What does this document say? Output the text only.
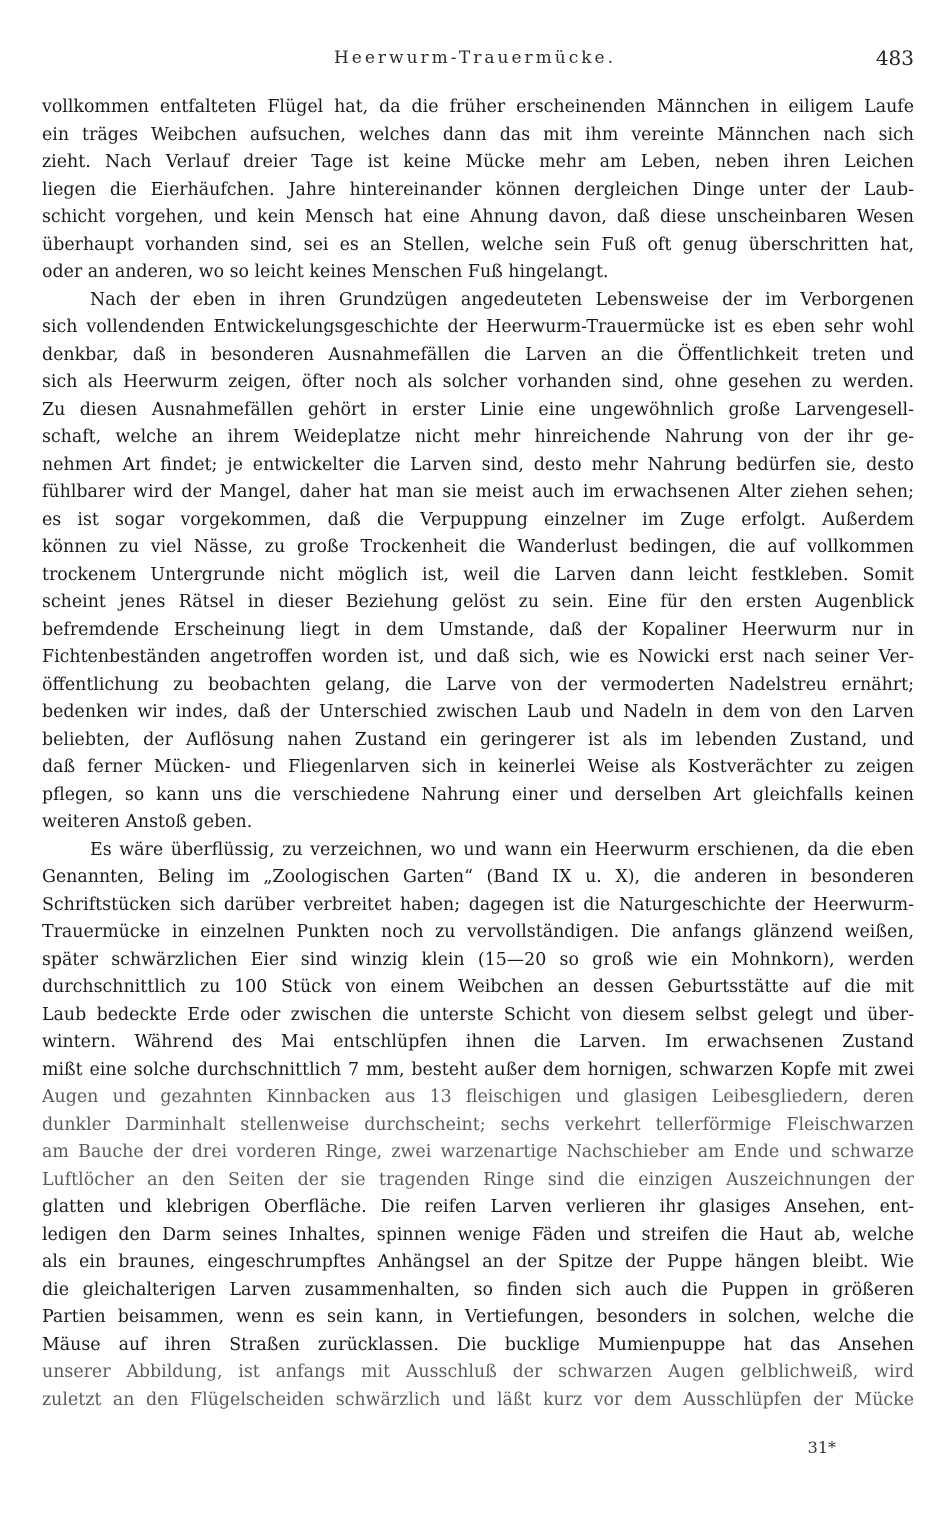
Heerwurm-Trauermücke.	483
vollkommen entfalteten Flügel hat, da die früher erscheinenden Männchen in eiligem Laufe
ein träges Weibchen aufsuchen, welches dann das mit ihm vereinte Männchen nach sich
zieht. Nach Verlauf dreier Tage ist keine Mücke mehr am Leben, neben ihren Leichen
liegen die Eierhäufchen. Jahre hintereinander können dergleichen Dinge unter der Laub-
schicht vorgehen, und kein Mensch hat eine Ahnung davon, daß diese unscheinbaren Wesen
überhaupt vorhanden sind, sei es an Stellen, welche sein Fuß oft genug überschritten hat,
oder an anderen, wo so leicht keines Menschen Fuß hingelangt.
Nach der eben in ihren Grundzügen angedeuteten Lebensweise der im Verborgenen
sich vollendenden Entwickelungsgeschichte der Heerwurm-Trauermücke ist es eben sehr wohl
denkbar, daß in besonderen Ausnahmefällen die Larven an die Öffentlichkeit treten und
sich als Heerwurm zeigen, öfter noch als solcher vorhanden sind, ohne gesehen zu werden.
Zu diesen Ausnahmefällen gehört in erster Linie eine ungewöhnlich große Larvengesell-
schaft, welche an ihrem Weideplatze nicht mehr hinreichende Nahrung von der ihr ge-
nehmen Art findet; je entwickelter die Larven sind, desto mehr Nahrung bedürfen sie, desto
fühlbarer wird der Mangel, daher hat man sie meist auch im erwachsenen Alter ziehen sehen;
es ist sogar vorgekommen, daß die Verpuppung einzelner im Zuge erfolgt. Außerdem
können zu viel Nässe, zu große Trockenheit die Wanderlust bedingen, die auf vollkommen
trockenem Untergrunde nicht möglich ist, weil die Larven dann leicht festkleben. Somit
scheint jenes Rätsel in dieser Beziehung gelöst zu sein. Eine für den ersten Augenblick
befremdende Erscheinung liegt in dem Umstande, daß der Kopaliner Heerwurm nur in
Fichtenbeständen angetroffen worden ist, und daß sich, wie es Nowicki erst nach seiner Ver-
öffentlichung zu beobachten gelang, die Larve von der vermoderten Nadelstreu ernährt;
bedenken wir indes, daß der Unterschied zwischen Laub und Nadeln in dem von den Larven
beliebten, der Auflösung nahen Zustand ein geringerer ist als im lebenden Zustand, und
daß ferner Mücken- und Fliegenlarven sich in keinerlei Weise als Kostverächter zu zeigen
pflegen, so kann uns die verschiedene Nahrung einer und derselben Art gleichfalls keinen
weiteren Anstoß geben.
Es wäre überflüssig, zu verzeichnen, wo und wann ein Heerwurm erschienen, da die eben
Genannten, Beling im „Zoologischen Garten“ (Band IX u. X), die anderen in besonderen
Schriftstücken sich darüber verbreitet haben; dagegen ist die Naturgeschichte der Heerwurm-
Trauermücke in einzelnen Punkten noch zu vervollständigen. Die anfangs glänzend weißen,
später schwärzlichen Eier sind winzig klein (15—20 so groß wie ein Mohnkorn), werden
durchschnittlich zu 100 Stück von einem Weibchen an dessen Geburtsstätte auf die mit
Laub bedeckte Erde oder zwischen die unterste Schicht von diesem selbst gelegt und über-
wintern. Während des Mai entschlüpfen ihnen die Larven. Im erwachsenen Zustand
mißt eine solche durchschnittlich 7 mm, besteht außer dem hornigen, schwarzen Kopfe mit zwei
Augen und gezahnten Kinnbacken aus 13 fleischigen und glasigen Leibesgliedern, deren
dunkler Darminhalt stellenweise durchscheint; sechs verkehrt tellerförmige Fleischwarzen
am Bauche der drei vorderen Ringe, zwei warzenartige Nachschieber am Ende und schwarze
Luftlöcher an den Seiten der sie tragenden Ringe sind die einzigen Auszeichnungen der
glatten und klebrigen Oberfläche. Die reifen Larven verlieren ihr glasiges Ansehen, ent-
ledigen den Darm seines Inhaltes, spinnen wenige Fäden und streifen die Haut ab, welche
als ein braunes, eingeschrumpftes Anhängsel an der Spitze der Puppe hängen bleibt. Wie
die gleichalterigen Larven zusammenhalten, so finden sich auch die Puppen in größeren
Partien beisammen, wenn es sein kann, in Vertiefungen, besonders in solchen, welche die
Mäuse auf ihren Straßen zurücklassen. Die bucklige Mumienpuppe hat das Ansehen
unserer Abbildung, ist anfangs mit Ausschluß der schwarzen Augen gelblichweiß, wird
zuletzt an den Flügelscheiden schwärzlich und läßt kurz vor dem Ausschlüpfen der Mücke
31*
